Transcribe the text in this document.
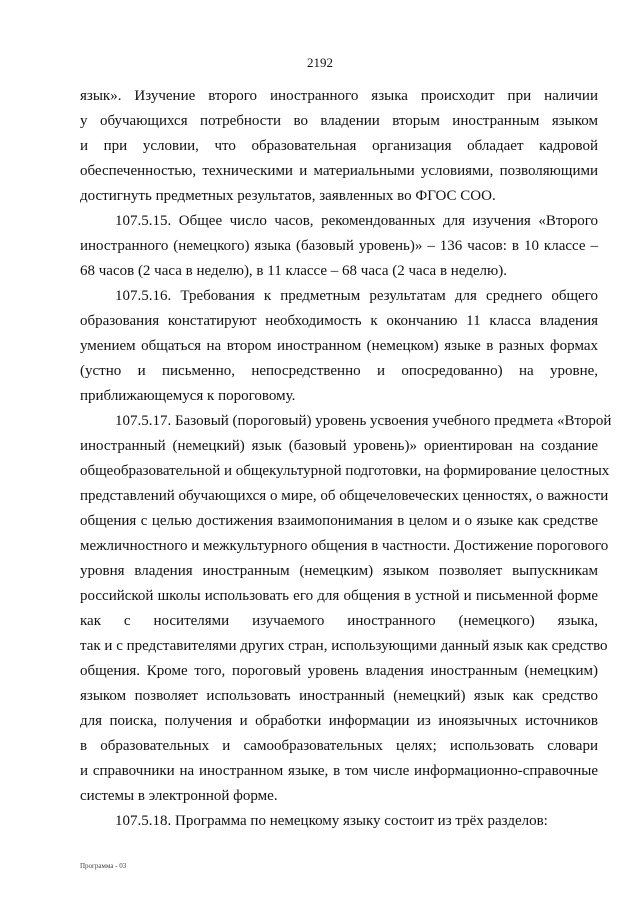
2192
язык». Изучение второго иностранного языка происходит при наличии
у обучающихся потребности во владении вторым иностранным языком
и при условии, что образовательная организация обладает кадровой
обеспеченностью, техническими и материальными условиями, позволяющими
достигнуть предметных результатов, заявленных во ФГОС СОО.
107.5.15. Общее число часов, рекомендованных для изучения «Второго
иностранного (немецкого) языка (базовый уровень)» – 136 часов: в 10 классе –
68 часов (2 часа в неделю), в 11 классе – 68 часа (2 часа в неделю).
107.5.16. Требования к предметным результатам для среднего общего
образования констатируют необходимость к окончанию 11 класса владения
умением общаться на втором иностранном (немецком) языке в разных формах
(устно и письменно, непосредственно и опосредованно) на уровне,
приближающемуся к пороговому.
107.5.17. Базовый (пороговый) уровень усвоения учебного предмета «Второй
иностранный (немецкий) язык (базовый уровень)» ориентирован на создание
общеобразовательной и общекультурной подготовки, на формирование целостных
представлений обучающихся о мире, об общечеловеческих ценностях, о важности
общения с целью достижения взаимопонимания в целом и о языке как средстве
межличностного и межкультурного общения в частности. Достижение порогового
уровня владения иностранным (немецким) языком позволяет выпускникам
российской школы использовать его для общения в устной и письменной форме
как с носителями изучаемого иностранного (немецкого) языка,
так и с представителями других стран, использующими данный язык как средство
общения. Кроме того, пороговый уровень владения иностранным (немецким)
языком позволяет использовать иностранный (немецкий) язык как средство
для поиска, получения и обработки информации из иноязычных источников
в образовательных и самообразовательных целях; использовать словари
и справочники на иностранном языке, в том числе информационно-справочные
системы в электронной форме.
107.5.18. Программа по немецкому языку состоит из трёх разделов:
Программа - 03
